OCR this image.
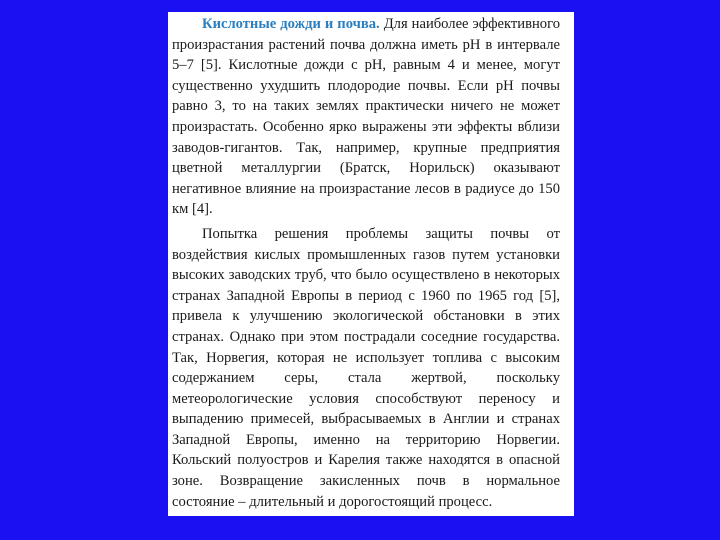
Кислотные дожди и почва. Для наиболее эффективного произрастания растений почва должна иметь pH в интервале 5–7 [5]. Кислотные дожди с pH, равным 4 и менее, могут существенно ухудшить плодородие почвы. Если pH почвы равно 3, то на таких землях практически ничего не может произрастать. Особенно ярко выражены эти эффекты вблизи заводов-гигантов. Так, например, крупные предприятия цветной металлургии (Братск, Норильск) оказывают негативное влияние на произрастание лесов в радиусе до 150 км [4].

Попытка решения проблемы защиты почвы от воздействия кислых промышленных газов путем установки высоких заводских труб, что было осуществлено в некоторых странах Западной Европы в период с 1960 по 1965 год [5], привела к улучшению экологической обстановки в этих странах. Однако при этом пострадали соседние государства. Так, Норвегия, которая не использует топлива с высоким содержанием серы, стала жертвой, поскольку метеорологические условия способствуют переносу и выпадению примесей, выбрасываемых в Англии и странах Западной Европы, именно на территорию Норвегии. Кольский полуостров и Карелия также находятся в опасной зоне. Возвращение закисленных почв в нормальное состояние – длительный и дорогостоящий процесс.
